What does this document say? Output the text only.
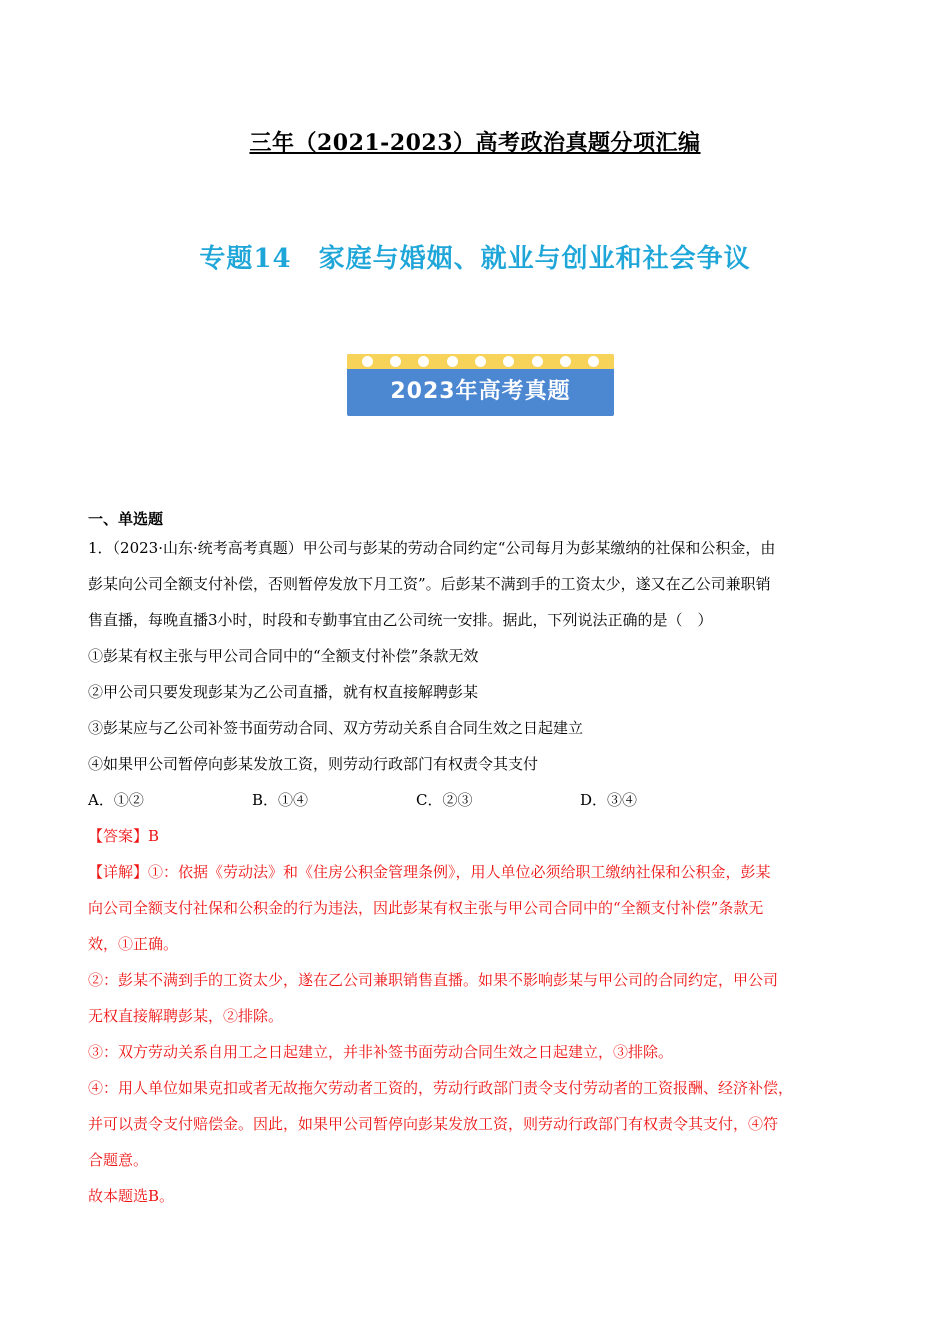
三年（2021-2023）高考政治真题分项汇编
专题14　家庭与婚姻、就业与创业和社会争议
2023年高考真题
一、单选题
1．（2023·山东·统考高考真题）甲公司与彭某的劳动合同约定“公司每月为彭某缴纳的社保和公积金，由
彭某向公司全额支付补偿，否则暂停发放下月工资”。后彭某不满到手的工资太少，遂又在乙公司兼职销
售直播，每晚直播3小时，时段和专勤事宜由乙公司统一安排。据此，下列说法正确的是（　）
①彭某有权主张与甲公司合同中的“全额支付补偿”条款无效
②甲公司只要发现彭某为乙公司直播，就有权直接解聘彭某
③彭某应与乙公司补签书面劳动合同、双方劳动关系自合同生效之日起建立
④如果甲公司暂停向彭某发放工资，则劳动行政部门有权责令其支付
A．①②	B．①④	C．②③	D．③④
【答案】B
【详解】①：依据《劳动法》和《住房公积金管理条例》，用人单位必须给职工缴纳社保和公积金，彭某
向公司全额支付社保和公积金的行为违法，因此彭某有权主张与甲公司合同中的“全额支付补偿”条款无
效，①正确。
②：彭某不满到手的工资太少，遂在乙公司兼职销售直播。如果不影响彭某与甲公司的合同约定，甲公司
无权直接解聘彭某，②排除。
③：双方劳动关系自用工之日起建立，并非补签书面劳动合同生效之日起建立，③排除。
④：用人单位如果克扣或者无故拖欠劳动者工资的，劳动行政部门责令支付劳动者的工资报酬、经济补偿，
并可以责令支付赔偿金。因此，如果甲公司暂停向彭某发放工资，则劳动行政部门有权责令其支付，④符
合题意。
故本题选B。
